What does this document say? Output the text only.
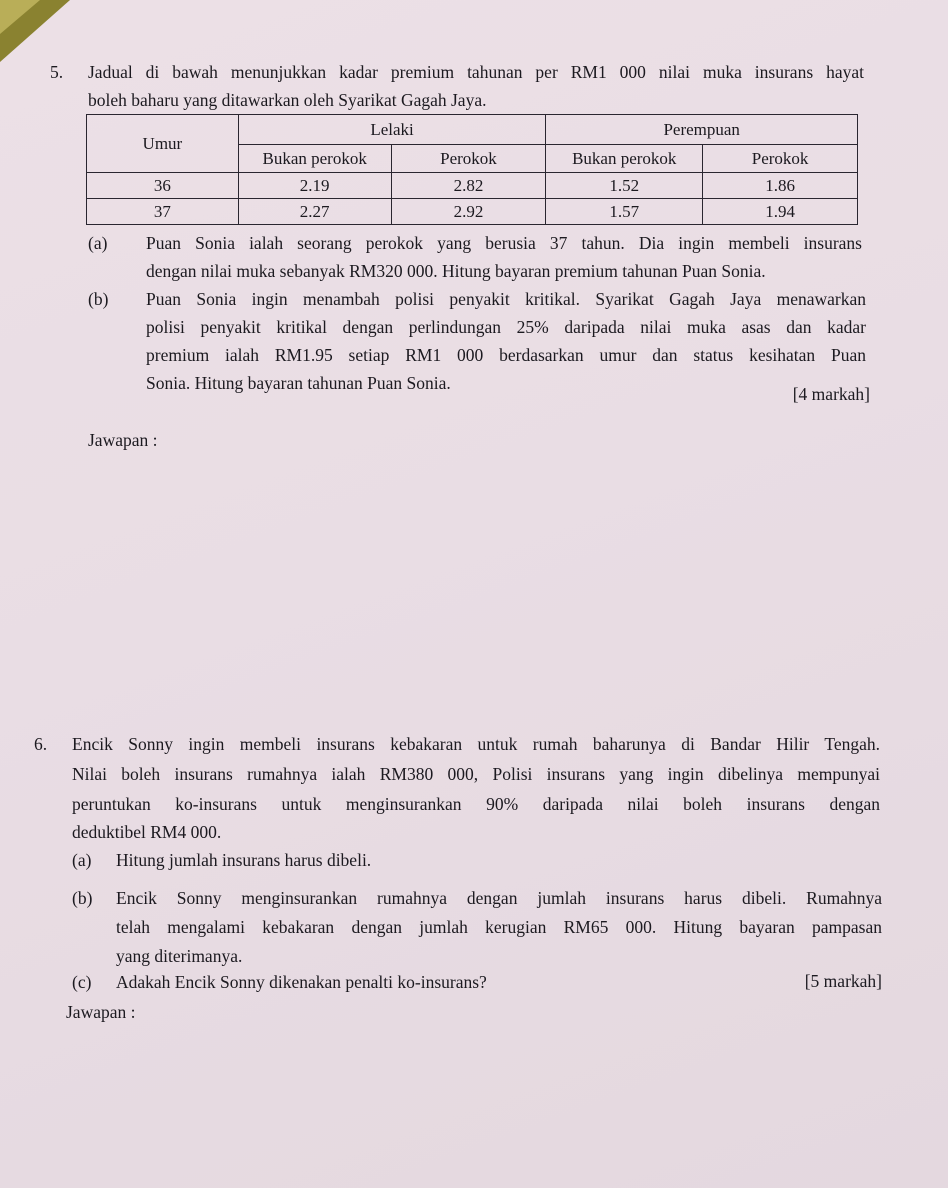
5. Jadual di bawah menunjukkan kadar premium tahunan per RM1 000 nilai muka insurans hayat

boleh baharu yang ditawarkan oleh Syarikat Gagah Jaya.

Umur	Lelaki		Perempuan	
	Bukan perokok	Perokok	Bukan perokok	Perokok
36	2.19	2.82	1.52	1.86
37	2.27	2.92	1.57	1.94
(a) Puan Sonia ialah seorang perokok yang berusia 37 tahun. Dia ingin membeli insurans

dengan nilai muka sebanyak RM320 000. Hitung bayaran premium tahunan Puan Sonia.

(b) Puan Sonia ingin menambah polisi penyakit kritikal. Syarikat Gagah Jaya menawarkan

polisi penyakit kritikal dengan perlindungan 25% daripada nilai muka asas dan kadar

premium ialah RM1.95 setiap RM1 000 berdasarkan umur dan status kesihatan Puan

Sonia. Hitung bayaran tahunan Puan Sonia.

[4 markah]
Jawapan :
6. Encik Sonny ingin membeli insurans kebakaran untuk rumah baharunya di Bandar Hilir Tengah.

Nilai boleh insurans rumahnya ialah RM380 000, Polisi insurans yang ingin dibelinya mempunyai

peruntukan ko-insurans untuk menginsurankan 90% daripada nilai boleh insurans dengan

deduktibel RM4 000.

(a) Hitung jumlah insurans harus dibeli.

(b) Encik Sonny menginsurankan rumahnya dengan jumlah insurans harus dibeli. Rumahnya

telah mengalami kebakaran dengan jumlah kerugian RM65 000. Hitung bayaran pampasan

yang diterimanya.

(c) Adakah Encik Sonny dikenakan penalti ko-insurans?	[5 markah]
Jawapan :
